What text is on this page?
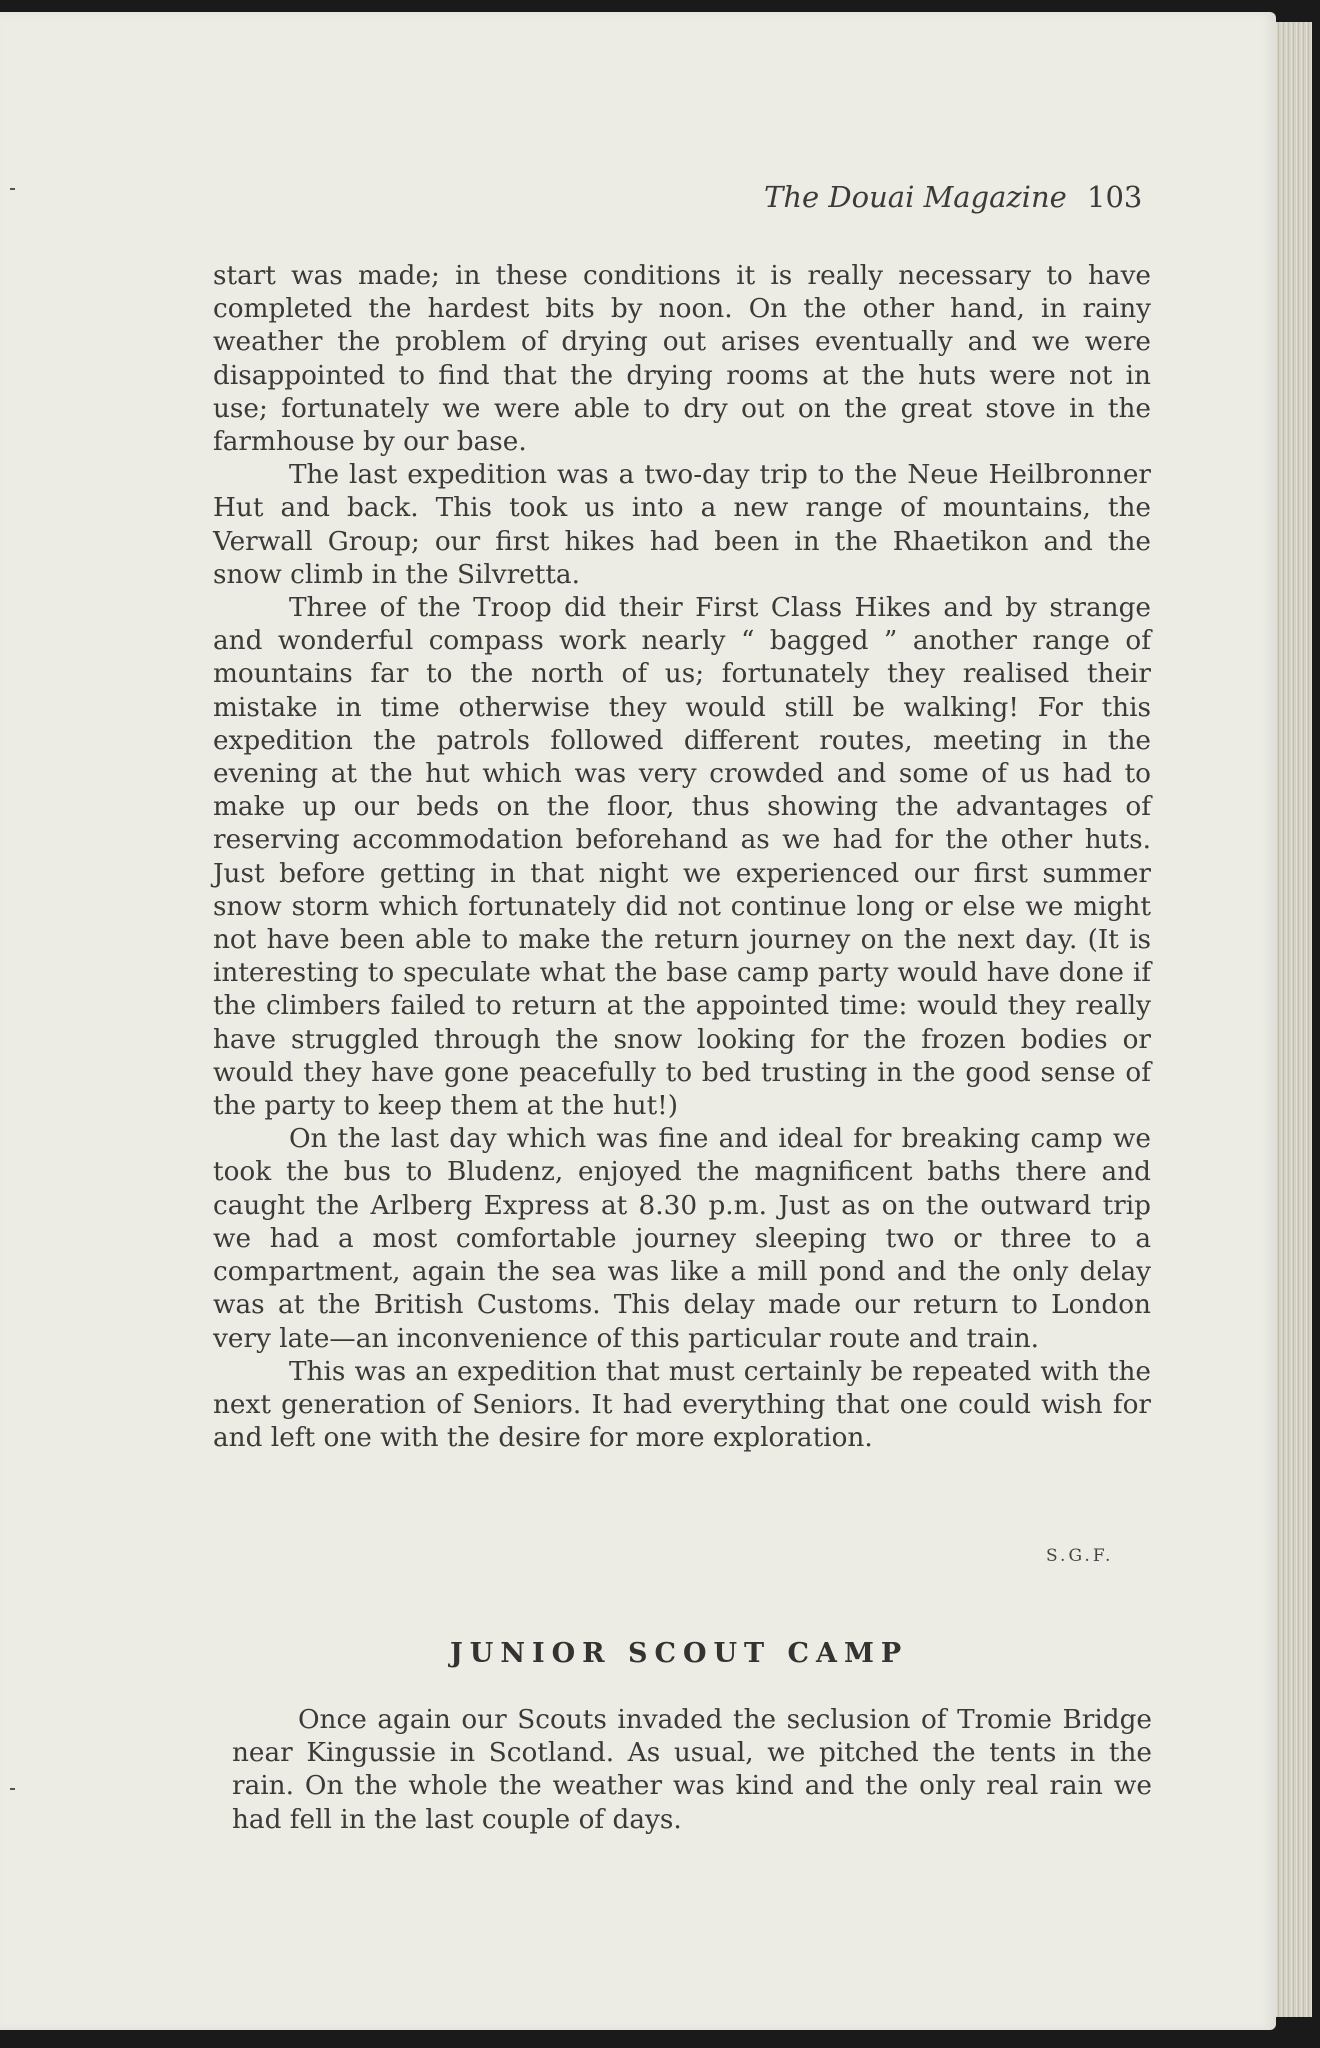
The Douai Magazine 103

start was made; in these conditions it is really necessary to have completed the hardest bits by noon. On the other hand, in rainy weather the problem of drying out arises eventually and we were disappointed to find that the drying rooms at the huts were not in use; fortunately we were able to dry out on the great stove in the farmhouse by our base.

The last expedition was a two-day trip to the Neue Heilbronner Hut and back. This took us into a new range of mountains, the Verwall Group; our first hikes had been in the Rhaetikon and the snow climb in the Silvretta.

Three of the Troop did their First Class Hikes and by strange and wonderful compass work nearly “ bagged ” another range of mountains far to the north of us; fortunately they realised their mistake in time otherwise they would still be walking! For this expedition the patrols followed different routes, meeting in the evening at the hut which was very crowded and some of us had to make up our beds on the floor, thus showing the advantages of reserving accommodation beforehand as we had for the other huts. Just before getting in that night we experienced our first summer snow storm which fortunately did not continue long or else we might not have been able to make the return journey on the next day. (It is interesting to speculate what the base camp party would have done if the climbers failed to return at the appointed time: would they really have struggled through the snow looking for the frozen bodies or would they have gone peacefully to bed trusting in the good sense of the party to keep them at the hut!)

On the last day which was fine and ideal for breaking camp we took the bus to Bludenz, enjoyed the magnificent baths there and caught the Arlberg Express at 8.30 p.m. Just as on the outward trip we had a most comfortable journey sleeping two or three to a compartment, again the sea was like a mill pond and the only delay was at the British Customs. This delay made our return to London very late—an inconvenience of this particular route and train.

This was an expedition that must certainly be repeated with the next generation of Seniors. It had everything that one could wish for and left one with the desire for more exploration.

S.G.F.
JUNIOR SCOUT CAMP

Once again our Scouts invaded the seclusion of Tromie Bridge near Kingussie in Scotland. As usual, we pitched the tents in the rain. On the whole the weather was kind and the only real rain we had fell in the last couple of days.
